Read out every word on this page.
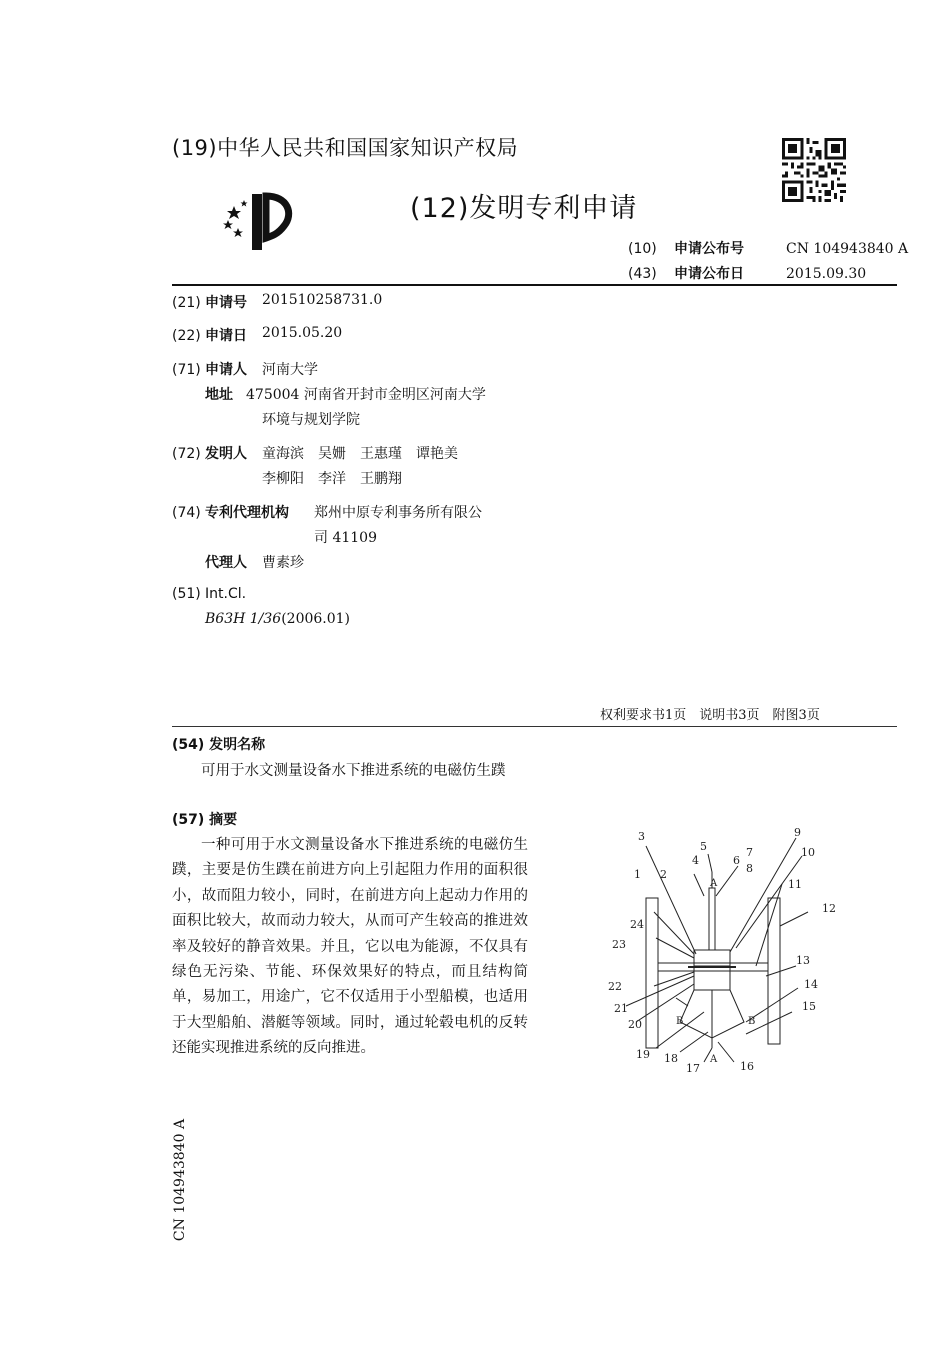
(19)中华人民共和国国家知识产权局
(12)发明专利申请
(10) 申请公布号	CN 104943840 A
(43) 申请公布日	2015.09.30
(21) 申请号 201510258731.0
(22) 申请日 2015.05.20
(71) 申请人 河南大学
地址 475004 河南省开封市金明区河南大学
环境与规划学院
(72) 发明人 童海滨　吴姗　王惠瑾　谭艳美
李柳阳　李洋　王鹏翔
(74) 专利代理机构 郑州中原专利事务所有限公
司 41109
代理人 曹素珍
(51) Int.Cl.
B63H 1/36(2006.01)
权利要求书1页　说明书3页　附图3页
(54) 发明名称
可用于水文测量设备水下推进系统的电磁仿生蹼
(57) 摘要
一种可用于水文测量设备水下推进系统的电磁仿生蹼，主要是仿生蹼在前进方向上引起阻力作用的面积很小，故而阻力较小，同时，在前进方向上起动力作用的面积比较大，故而动力较大，从而可产生较高的推进效率及较好的静音效果。并且，它以电为能源，不仅具有绿色无污染、节能、环保效果好的特点，而且结构简单，易加工，用途广，它不仅适用于小型船模，也适用于大型船舶、潜艇等领域。同时，通过轮毂电机的反转还能实现推进系统的反向推进。
3
5
4	6
7
8
9
10
11
12
13
14
15
16
17
18
19
20
21
22
23
24
1 2
A
A
B	B
CN 104943840 A
